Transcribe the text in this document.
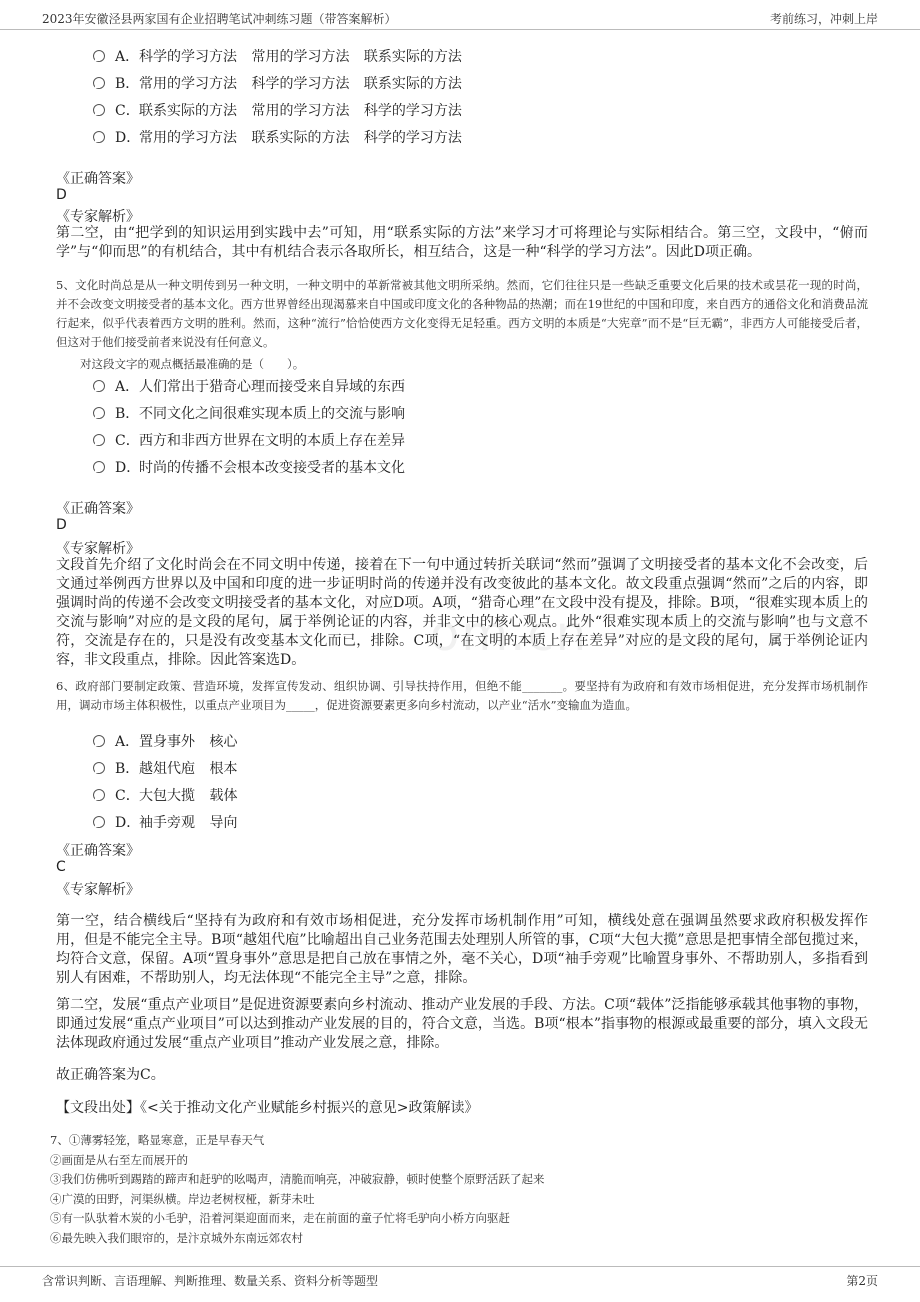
2023年安徽泾县两家国有企业招聘笔试冲刺练习题（带答案解析）	考前练习，冲刺上岸
om.cn
A．科学的学习方法 常用的学习方法 联系实际的方法
B．常用的学习方法 科学的学习方法 联系实际的方法
C．联系实际的方法 常用的学习方法 科学的学习方法
D．常用的学习方法 联系实际的方法 科学的学习方法
《正确答案》
D
《专家解析》
第二空，由“把学到的知识运用到实践中去”可知，用“联系实际的方法”来学习才可将理论与实际相结合。第三空，文段中，“俯而学”与“仰而思”的有机结合，其中有机结合表示各取所长，相互结合，这是一种“科学的学习方法”。因此D项正确。
5、文化时尚总是从一种文明传到另一种文明，一种文明中的革新常被其他文明所采纳。然而，它们往往只是一些缺乏重要文化后果的技术或昙花一现的时尚，并不会改变文明接受者的基本文化。西方世界曾经出现渴慕来自中国或印度文化的各种物品的热潮；而在19世纪的中国和印度，来自西方的通俗文化和消费品流行起来，似乎代表着西方文明的胜利。然而，这种“流行”恰恰使西方文化变得无足轻重。西方文明的本质是“大宪章”而不是“巨无霸”，非西方人可能接受后者，但这对于他们接受前者来说没有任何意义。
对这段文字的观点概括最准确的是（　　）。
A．人们常出于猎奇心理而接受来自异域的东西
B．不同文化之间很难实现本质上的交流与影响
C．西方和非西方世界在文明的本质上存在差异
D．时尚的传播不会根本改变接受者的基本文化
《正确答案》
D
《专家解析》
文段首先介绍了文化时尚会在不同文明中传递，接着在下一句中通过转折关联词“然而”强调了文明接受者的基本文化不会改变，后文通过举例西方世界以及中国和印度的进一步证明时尚的传递并没有改变彼此的基本文化。故文段重点强调“然而”之后的内容，即强调时尚的传递不会改变文明接受者的基本文化，对应D项。A项，“猎奇心理”在文段中没有提及，排除。B项，“很难实现本质上的交流与影响”对应的是文段的尾句，属于举例论证的内容，并非文中的核心观点。此外“很难实现本质上的交流与影响”也与文意不符，交流是存在的，只是没有改变基本文化而已，排除。C项，“在文明的本质上存在差异”对应的是文段的尾句，属于举例论证内容，非文段重点，排除。因此答案选D。
6、政府部门要制定政策、营造环境，发挥宣传发动、组织协调、引导扶持作用，但绝不能_______。要坚持有为政府和有效市场相促进，充分发挥市场机制作用，调动市场主体积极性，以重点产业项目为_____，促进资源要素更多向乡村流动，以产业“活水”变输血为造血。
A．置身事外 核心
B．越俎代庖 根本
C．大包大揽 载体
D．袖手旁观 导向
《正确答案》
C
《专家解析》
第一空，结合横线后“坚持有为政府和有效市场相促进，充分发挥市场机制作用”可知，横线处意在强调虽然要求政府积极发挥作用，但是不能完全主导。B项“越俎代庖”比喻超出自己业务范围去处理别人所管的事，C项“大包大揽”意思是把事情全部包揽过来，均符合文意，保留。A项“置身事外”意思是把自己放在事情之外，毫不关心，D项“袖手旁观”比喻置身事外、不帮助别人，多指看到别人有困难，不帮助别人，均无法体现“不能完全主导”之意，排除。
第二空，发展“重点产业项目”是促进资源要素向乡村流动、推动产业发展的手段、方法。C项“载体”泛指能够承载其他事物的事物，即通过发展“重点产业项目”可以达到推动产业发展的目的，符合文意，当选。B项“根本”指事物的根源或最重要的部分，填入文段无法体现政府通过发展“重点产业项目”推动产业发展之意，排除。
故正确答案为C。
【文段出处】《<关于推动文化产业赋能乡村振兴的意见>政策解读》
7、①薄雾轻笼，略显寒意，正是早春天气
②画面是从右至左而展开的
③我们仿佛听到踢踏的蹄声和赶驴的吆喝声，清脆而响亮，冲破寂静，顿时使整个原野活跃了起来
④广漠的田野，河渠纵横。岸边老树杈桠，新芽未吐
⑤有一队驮着木炭的小毛驴，沿着河渠迎面而来，走在前面的童子忙将毛驴向小桥方向驱赶
⑥最先映入我们眼帘的，是汴京城外东南远郊农村
含常识判断、言语理解、判断推理、数量关系、资料分析等题型	第2页
